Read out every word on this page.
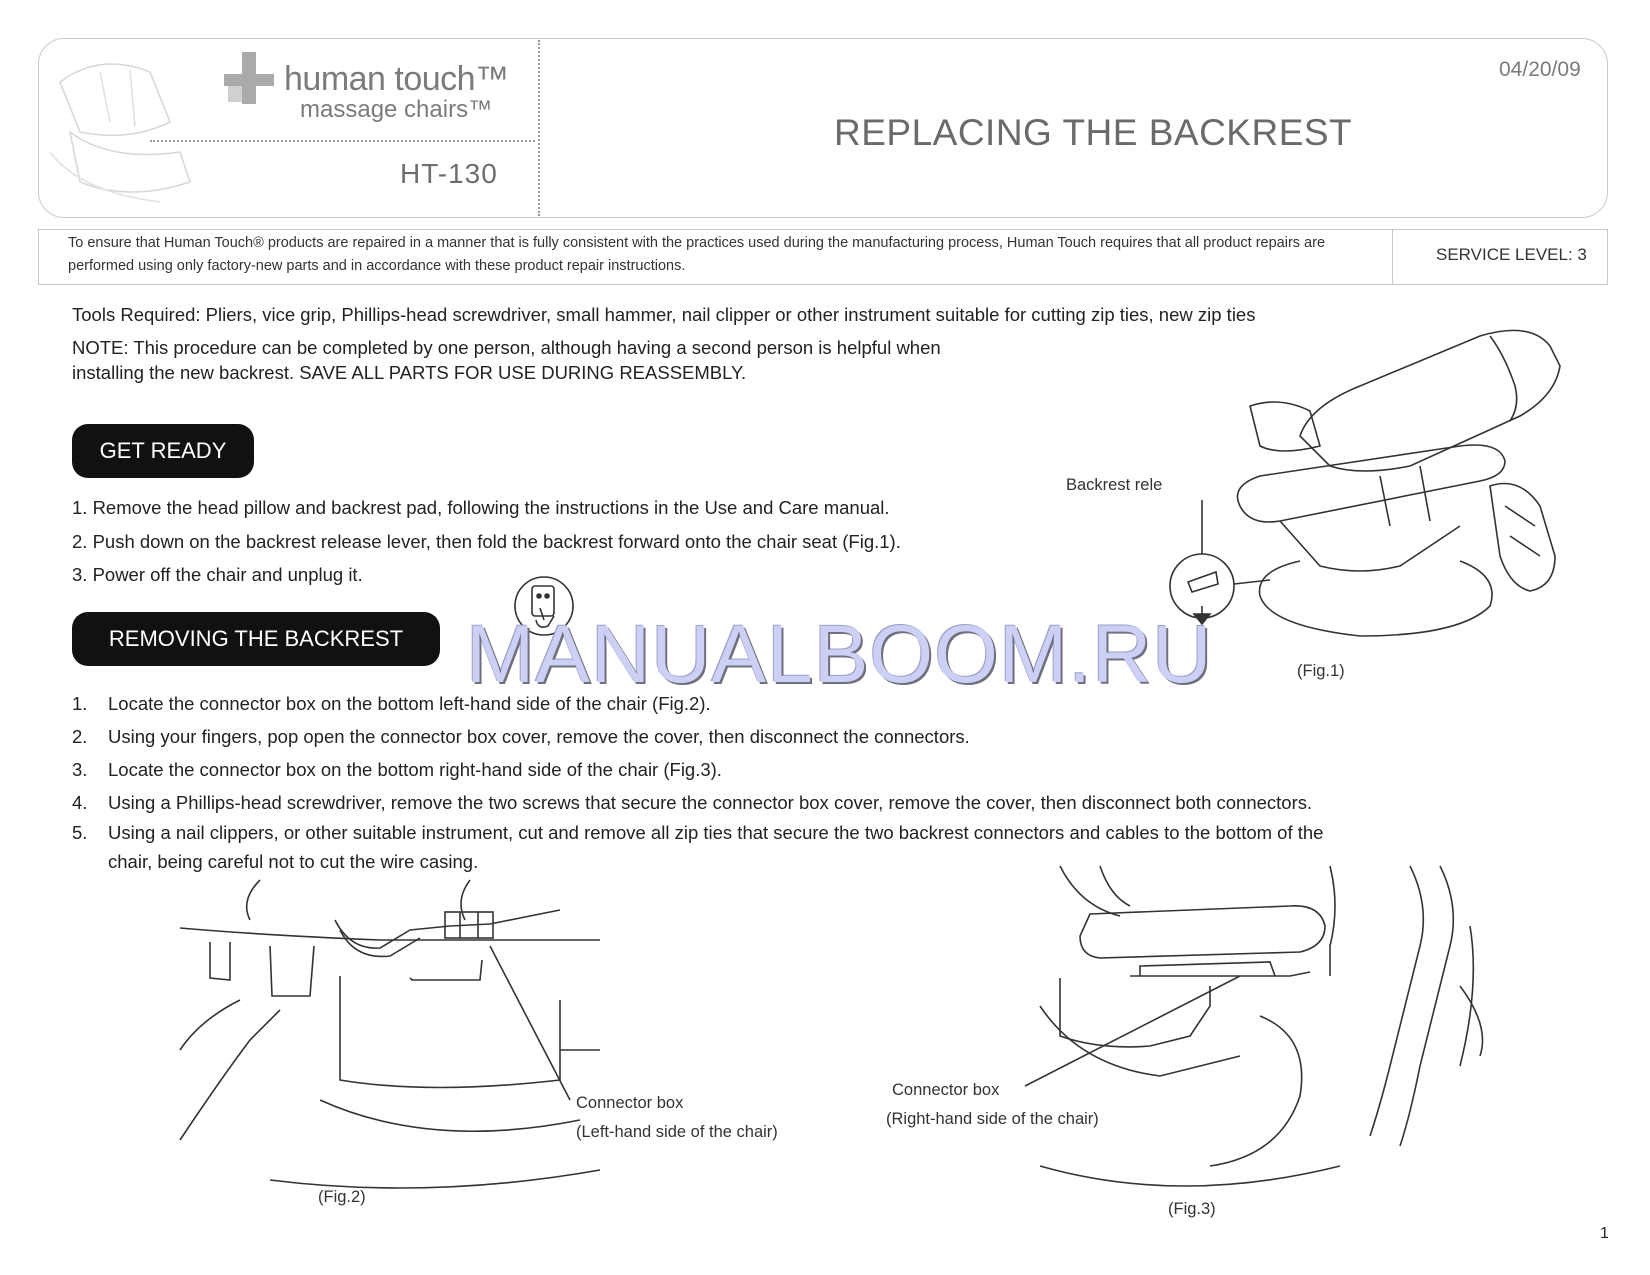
human touch™
massage chairs™
HT-130
04/20/09
REPLACING THE BACKREST
To ensure that Human Touch® products are repaired in a manner that is fully consistent with the practices used during the manufacturing process, Human Touch requires that all product repairs are performed using only factory-new parts and in accordance with these product repair instructions.
SERVICE LEVEL: 3
Tools Required: Pliers, vice grip, Phillips-head screwdriver, small hammer, nail clipper or other instrument suitable for cutting zip ties, new zip ties
NOTE: This procedure can be completed by one person, although having a second person is helpful when
installing the new backrest. SAVE ALL PARTS FOR USE DURING REASSEMBLY.
GET READY
1. Remove the head pillow and backrest pad, following the instructions in the Use and Care manual.
2. Push down on the backrest release lever, then fold the backrest forward onto the chair seat (Fig.1).
3. Power off the chair and unplug it.
REMOVING THE BACKREST
1. Locate the connector box on the bottom left-hand side of the chair (Fig.2).
2. Using your fingers, pop open the connector box cover, remove the cover, then disconnect the connectors.
3. Locate the connector box on the bottom right-hand side of the chair (Fig.3).
4. Using a Phillips-head screwdriver, remove the two screws that secure the connector box cover, remove the cover, then disconnect both connectors.
5. Using a nail clippers, or other suitable instrument, cut and remove all zip ties that secure the two backrest connectors and cables to the bottom of the
chair, being careful not to cut the wire casing.
Backrest rele
(Fig.1)
MANUALBOOM.RU
Connector box
(Left-hand side of the chair)
(Fig.2)
Connector box
(Right-hand side of the chair)
(Fig.3)
1
